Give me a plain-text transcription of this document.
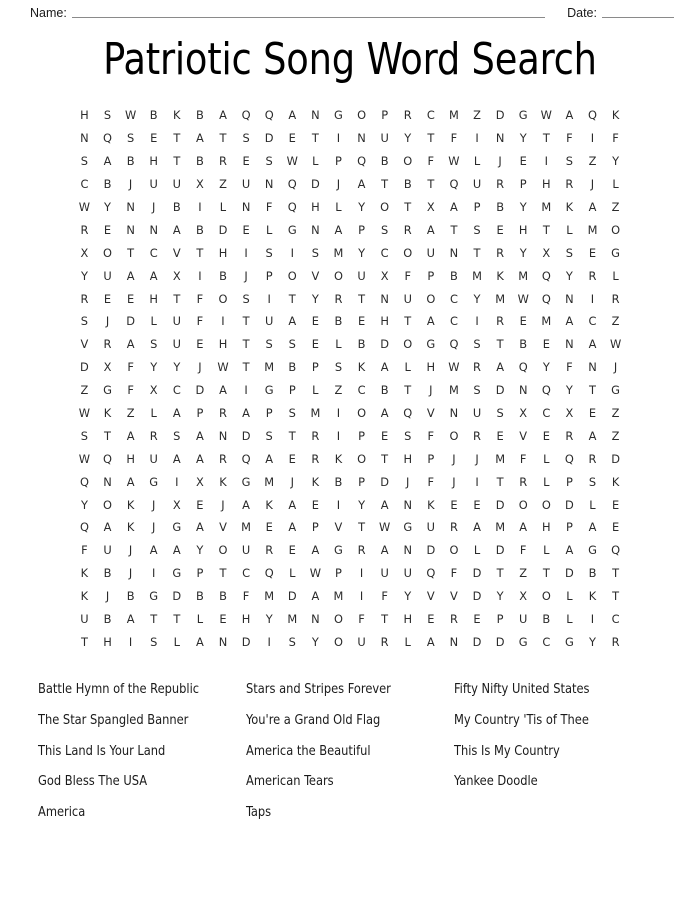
Name:	Date:
Patriotic Song Word Search
H	S	W	B	K	B	A	Q	Q	A	N	G	O	P	R	C	M	Z	D	G	W	A	Q	K
N	Q	S	E	T	A	T	S	D	E	T	I	N	U	Y	T	F	I	N	Y	T	F	I	F
S	A	B	H	T	B	R	E	S	W	L	P	Q	B	O	F	W	L	J	E	I	S	Z	Y
C	B	J	U	U	X	Z	U	N	Q	D	J	A	T	B	T	Q	U	R	P	H	R	J	L
W	Y	N	J	B	I	L	N	F	Q	H	L	Y	O	T	X	A	P	B	Y	M	K	A	Z
R	E	N	N	A	B	D	E	L	G	N	A	P	S	R	A	T	S	E	H	T	L	M	O
X	O	T	C	V	T	H	I	S	I	S	M	Y	C	O	U	N	T	R	Y	X	S	E	G
Y	U	A	A	X	I	B	J	P	O	V	O	U	X	F	P	B	M	K	M	Q	Y	R	L
R	E	E	H	T	F	O	S	I	T	Y	R	T	N	U	O	C	Y	M	W	Q	N	I	R
S	J	D	L	U	F	I	T	U	A	E	B	E	H	T	A	C	I	R	E	M	A	C	Z
V	R	A	S	U	E	H	T	S	S	E	L	B	D	O	G	Q	S	T	B	E	N	A	W
D	X	F	Y	Y	J	W	T	M	B	P	S	K	A	L	H	W	R	A	Q	Y	F	N	J
Z	G	F	X	C	D	A	I	G	P	L	Z	C	B	T	J	M	S	D	N	Q	Y	T	G
W	K	Z	L	A	P	R	A	P	S	M	I	O	A	Q	V	N	U	S	X	C	X	E	Z
S	T	A	R	S	A	N	D	S	T	R	I	P	E	S	F	O	R	E	V	E	R	A	Z
W	Q	H	U	A	A	R	Q	A	E	R	K	O	T	H	P	J	J	M	F	L	Q	R	D
Q	N	A	G	I	X	K	G	M	J	K	B	P	D	J	F	J	I	T	R	L	P	S	K
Y	O	K	J	X	E	J	A	K	A	E	I	Y	A	N	K	E	E	D	O	O	D	L	E
Q	A	K	J	G	A	V	M	E	A	P	V	T	W	G	U	R	A	M	A	H	P	A	E
F	U	J	A	A	Y	O	U	R	E	A	G	R	A	N	D	O	L	D	F	L	A	G	Q
K	B	J	I	G	P	T	C	Q	L	W	P	I	U	U	Q	F	D	T	Z	T	D	B	T
K	J	B	G	D	B	B	F	M	D	A	M	I	F	Y	V	V	D	Y	X	O	L	K	T
U	B	A	T	T	L	E	H	Y	M	N	O	F	T	H	E	R	E	P	U	B	L	I	C
T	H	I	S	L	A	N	D	I	S	Y	O	U	R	L	A	N	D	D	G	C	G	Y	R
Battle Hymn of the Republic	Stars and Stripes Forever	Fifty Nifty United States
The Star Spangled Banner	You're a Grand Old Flag	My Country 'Tis of Thee
This Land Is Your Land	America the Beautiful	This Is My Country
God Bless The USA	American Tears	Yankee Doodle
America	Taps
